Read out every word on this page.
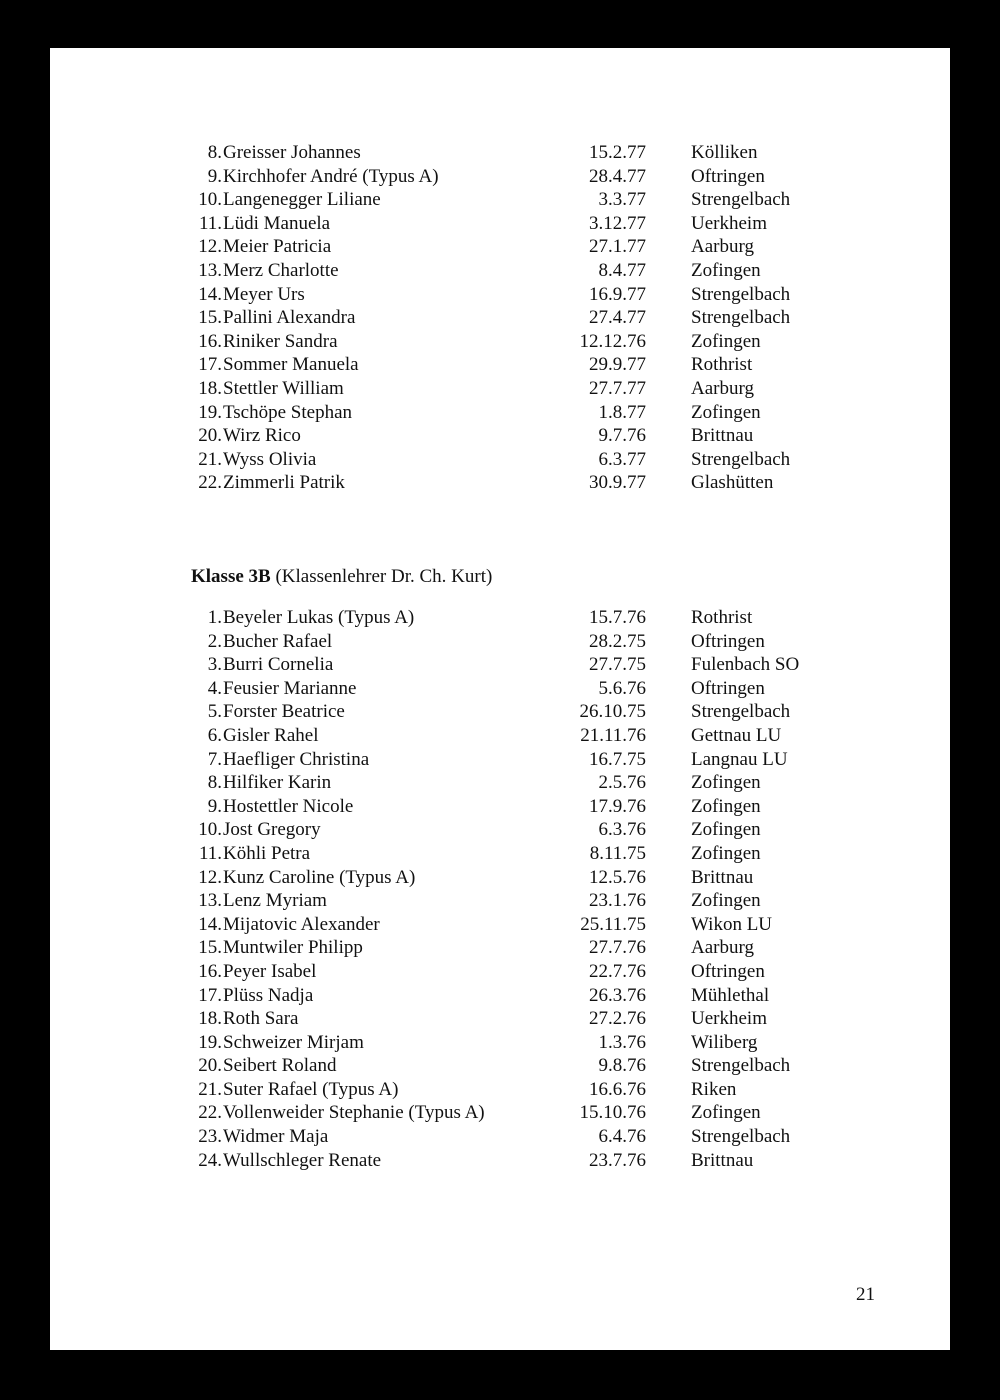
8. Greisser Johannes	15.2.77 Kölliken
9. Kirchhofer André (Typus A)	28.4.77 Oftringen
10. Langenegger Liliane	3.3.77 Strengelbach
11. Lüdi Manuela	3.12.77 Uerkheim
12. Meier Patricia	27.1.77 Aarburg
13. Merz Charlotte	8.4.77 Zofingen
14. Meyer Urs	16.9.77 Strengelbach
15. Pallini Alexandra	27.4.77 Strengelbach
16. Riniker Sandra	12.12.76 Zofingen
17. Sommer Manuela	29.9.77 Rothrist
18. Stettler William	27.7.77 Aarburg
19. Tschöpe Stephan	1.8.77 Zofingen
20. Wirz Rico	9.7.76 Brittnau
21. Wyss Olivia	6.3.77 Strengelbach
22. Zimmerli Patrik	30.9.77 Glashütten
Klasse 3B (Klassenlehrer Dr. Ch. Kurt)
1. Beyeler Lukas (Typus A)	15.7.76 Rothrist
2. Bucher Rafael	28.2.75 Oftringen
3. Burri Cornelia	27.7.75 Fulenbach SO
4. Feusier Marianne	5.6.76 Oftringen
5. Forster Beatrice	26.10.75 Strengelbach
6. Gisler Rahel	21.11.76 Gettnau LU
7. Haefliger Christina	16.7.75 Langnau LU
8. Hilfiker Karin	2.5.76 Zofingen
9. Hostettler Nicole	17.9.76 Zofingen
10. Jost Gregory	6.3.76 Zofingen
11. Köhli Petra	8.11.75 Zofingen
12. Kunz Caroline (Typus A)	12.5.76 Brittnau
13. Lenz Myriam	23.1.76 Zofingen
14. Mijatovic Alexander	25.11.75 Wikon LU
15. Muntwiler Philipp	27.7.76 Aarburg
16. Peyer Isabel	22.7.76 Oftringen
17. Plüss Nadja	26.3.76 Mühlethal
18. Roth Sara	27.2.76 Uerkheim
19. Schweizer Mirjam	1.3.76 Wiliberg
20. Seibert Roland	9.8.76 Strengelbach
21. Suter Rafael (Typus A)	16.6.76 Riken
22. Vollenweider Stephanie (Typus A)	15.10.76 Zofingen
23. Widmer Maja	6.4.76 Strengelbach
24. Wullschleger Renate	23.7.76 Brittnau
21
